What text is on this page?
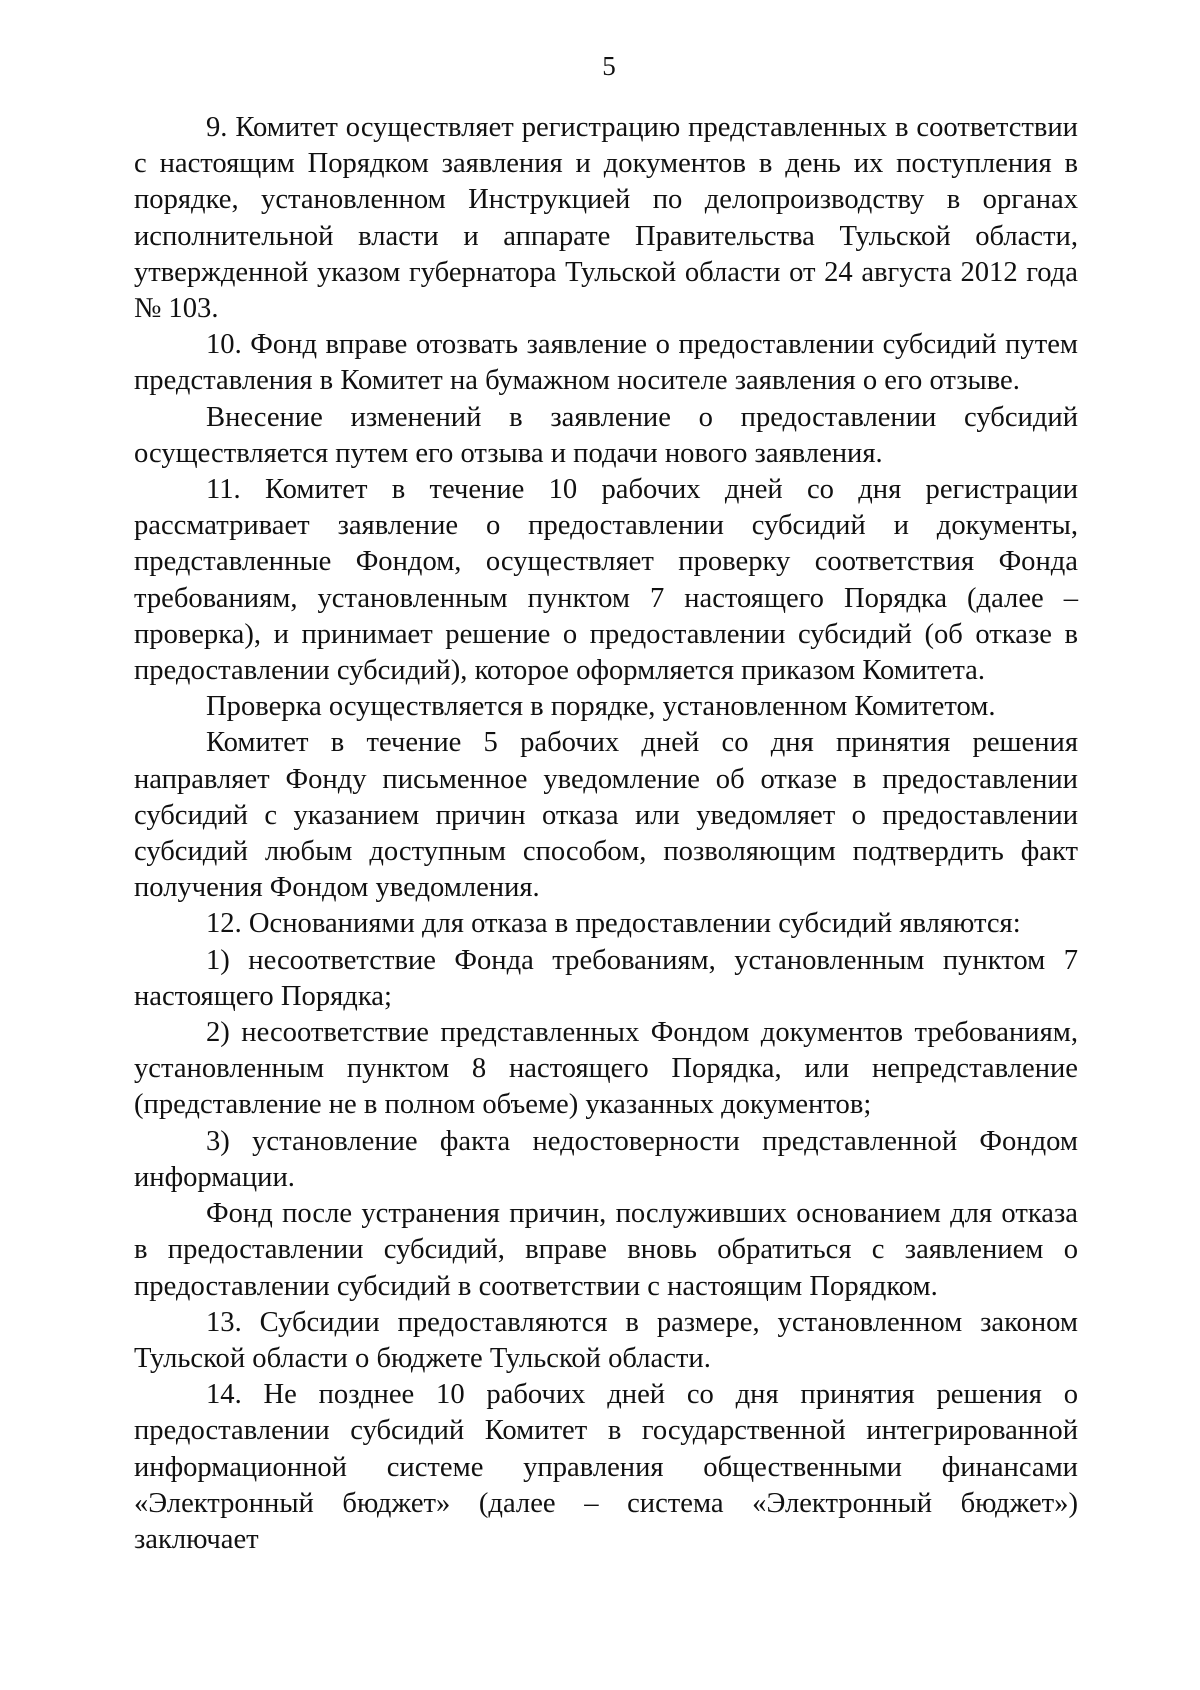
5

9. Комитет осуществляет регистрацию представленных в соответствии с настоящим Порядком заявления и документов в день их поступления в порядке, установленном Инструкцией по делопроизводству в органах исполнительной власти и аппарате Правительства Тульской области, утвержденной указом губернатора Тульской области от 24 августа 2012 года № 103.

10. Фонд вправе отозвать заявление о предоставлении субсидий путем представления в Комитет на бумажном носителе заявления о его отзыве.

Внесение изменений в заявление о предоставлении субсидий осуществляется путем его отзыва и подачи нового заявления.

11. Комитет в течение 10 рабочих дней со дня регистрации рассматривает заявление о предоставлении субсидий и документы, представленные Фондом, осуществляет проверку соответствия Фонда требованиям, установленным пунктом 7 настоящего Порядка (далее – проверка), и принимает решение о предоставлении субсидий (об отказе в предоставлении субсидий), которое оформляется приказом Комитета.

Проверка осуществляется в порядке, установленном Комитетом.

Комитет в течение 5 рабочих дней со дня принятия решения направляет Фонду письменное уведомление об отказе в предоставлении субсидий с указанием причин отказа или уведомляет о предоставлении субсидий любым доступным способом, позволяющим подтвердить факт получения Фондом уведомления.

12. Основаниями для отказа в предоставлении субсидий являются:

1) несоответствие Фонда требованиям, установленным пунктом 7 настоящего Порядка;

2) несоответствие представленных Фондом документов требованиям, установленным пунктом 8 настоящего Порядка, или непредставление (представление не в полном объеме) указанных документов;

3) установление факта недостоверности представленной Фондом информации.

Фонд после устранения причин, послуживших основанием для отказа в предоставлении субсидий, вправе вновь обратиться с заявлением о предоставлении субсидий в соответствии с настоящим Порядком.

13. Субсидии предоставляются в размере, установленном законом Тульской области о бюджете Тульской области.

14. Не позднее 10 рабочих дней со дня принятия решения о предоставлении субсидий Комитет в государственной интегрированной информационной системе управления общественными финансами «Электронный бюджет» (далее – система «Электронный бюджет») заключает
